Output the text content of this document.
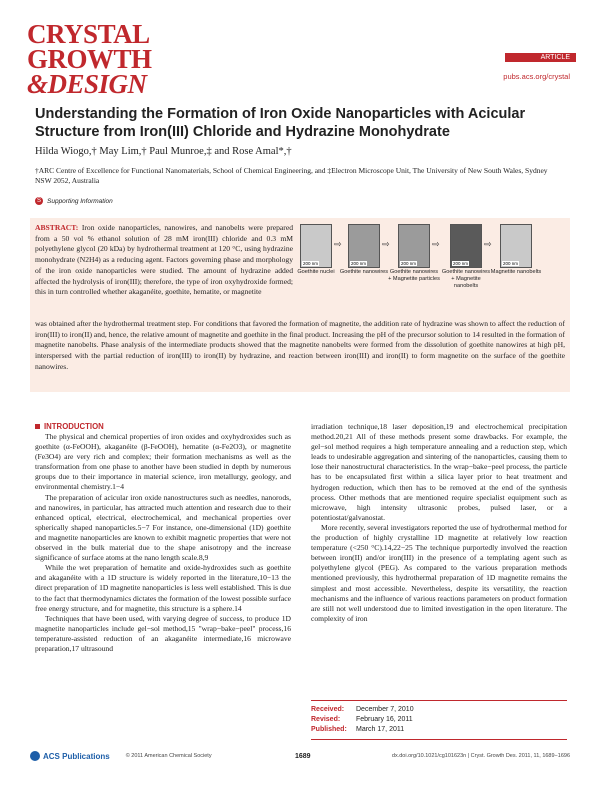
CRYSTAL
GROWTH
&DESIGN
ARTICLE
pubs.acs.org/crystal
Understanding the Formation of Iron Oxide Nanoparticles with Acicular Structure from Iron(III) Chloride and Hydrazine Monohydrate
Hilda Wiogo,† May Lim,† Paul Munroe,‡ and Rose Amal*,†
†ARC Centre of Excellence for Functional Nanomaterials, School of Chemical Engineering, and ‡Electron Microscope Unit, The University of New South Wales, Sydney NSW 2052, Australia
S Supporting Information
ABSTRACT: Iron oxide nanoparticles, nanowires, and nanobelts were prepared from a 50 vol % ethanol solution of 28 mM iron(III) chloride and 0.3 mM polyethylene glycol (20 kDa) by hydrothermal treatment at 120 °C, using hydrazine monohydrate (N2H4) as a reducing agent. Factors governing phase and morphology of the iron oxide nanoparticles were studied. The amount of hydrazine added affected the hydrolysis of iron(III); therefore, the type of iron oxyhydroxide formed; this in turn controlled whether akaganéite, goethite, hematite, or magnetite
was obtained after the hydrothermal treatment step. For conditions that favored the formation of magnetite, the addition rate of hydrazine was shown to affect the reduction of iron(III) to iron(II) and, hence, the relative amount of magnetite and goethite in the final product. Increasing the pH of the precursor solution to 14 resulted in the formation of magnetite nanobelts. Phase analysis of the intermediate products showed that the magnetite nanobelts were formed from the dissolution of goethite nanowires at high pH, interspersed with the partial reduction of iron(III) to iron(II) by hydrazine, and reaction between iron(III) and iron(II) to form magnetite on the surface of the goethite nanowires.
200 nm
⇨
200 nm
⇨
200 nm
⇨
200 nm
⇨
200 nm
Goethite nuclei Goethite nanowires Goethite nanowires + Magnetite particles
Goethite nanowires + Magnetite nanobelts
Magnetite nanobelts
INTRODUCTION

The physical and chemical properties of iron oxides and oxyhydroxides such as goethite (α-FeOOH), akaganéite (β-FeOOH), hematite (α-Fe2O3), or magnetite (Fe3O4) are very rich and complex; their formation mechanisms as well as the transformation from one phase to another have been studied in depth by numerous groups due to their importance in material science, iron metallurgy, geology, and environmental chemistry.1−4

The preparation of acicular iron oxide nanostructures such as needles, nanorods, and nanowires, in particular, has attracted much attention and research due to their enhanced optical, electrical, electrochemical, and mechanical properties over spherically shaped nanoparticles.5−7 For instance, one-dimensional (1D) goethite and magnetite nanoparticles are known to exhibit magnetic properties that were not observed in the bulk material due to the shape anisotropy and the increase significance of surface atoms at the nano length scale.8,9

While the wet preparation of hematite and oxide-hydroxides such as goethite and akaganéite with a 1D structure is widely reported in the literature,10−13 the direct preparation of 1D magnetite nanoparticles is less well established. This is due to the fact that thermodynamics dictates the formation of the lowest possible surface free energy structure, and for magnetite, this structure is a sphere.14

Techniques that have been used, with varying degree of success, to produce 1D magnetite nanoparticles include gel−sol method,15 "wrap−bake−peel" process,16 temperature-assisted reduction of an akaganéite intermediate,16 microwave preparation,17 ultrasound

irradiation technique,18 laser deposition,19 and electrochemical precipitation method.20,21 All of these methods present some drawbacks. For example, the gel−sol method requires a high temperature annealing and a reduction step, which leads to undesirable aggregation and sintering of the nanoparticles, causing them to lose their nanostructural characteristics. In the wrap−bake−peel process, the particle has to be encapsulated first within a silica layer prior to heat treatment and hydrogen reduction, which then has to be removed at the end of the synthesis process. Other methods that are mentioned require specialist equipment such as microwave, high intensity ultrasonic probes, pulsed laser, or a potentiostat/galvanostat.

More recently, several investigators reported the use of hydrothermal method for the production of highly crystalline 1D magnetite at relatively low reaction temperature (<250 °C).14,22−25 The technique purportedly involved the reaction between iron(II) and/or iron(III) in the presence of a templating agent such as polyethylene glycol (PEG). As compared to the various preparation methods mentioned previously, this hydrothermal preparation of 1D magnetite remains the simplest and most accessible. Nevertheless, despite its versatility, the reaction mechanisms and the influence of various reactions parameters on product formation are still not well understood due to limited investigation in the open literature. The complexity of iron

Received:	December 7, 2010
Revised:	February 16, 2011
Published:	March 17, 2011
ACS Publications	© 2011 American Chemical Society	1689	dx.doi.org/10.1021/cg101623n | Cryst. Growth Des. 2011, 11, 1689−1696
